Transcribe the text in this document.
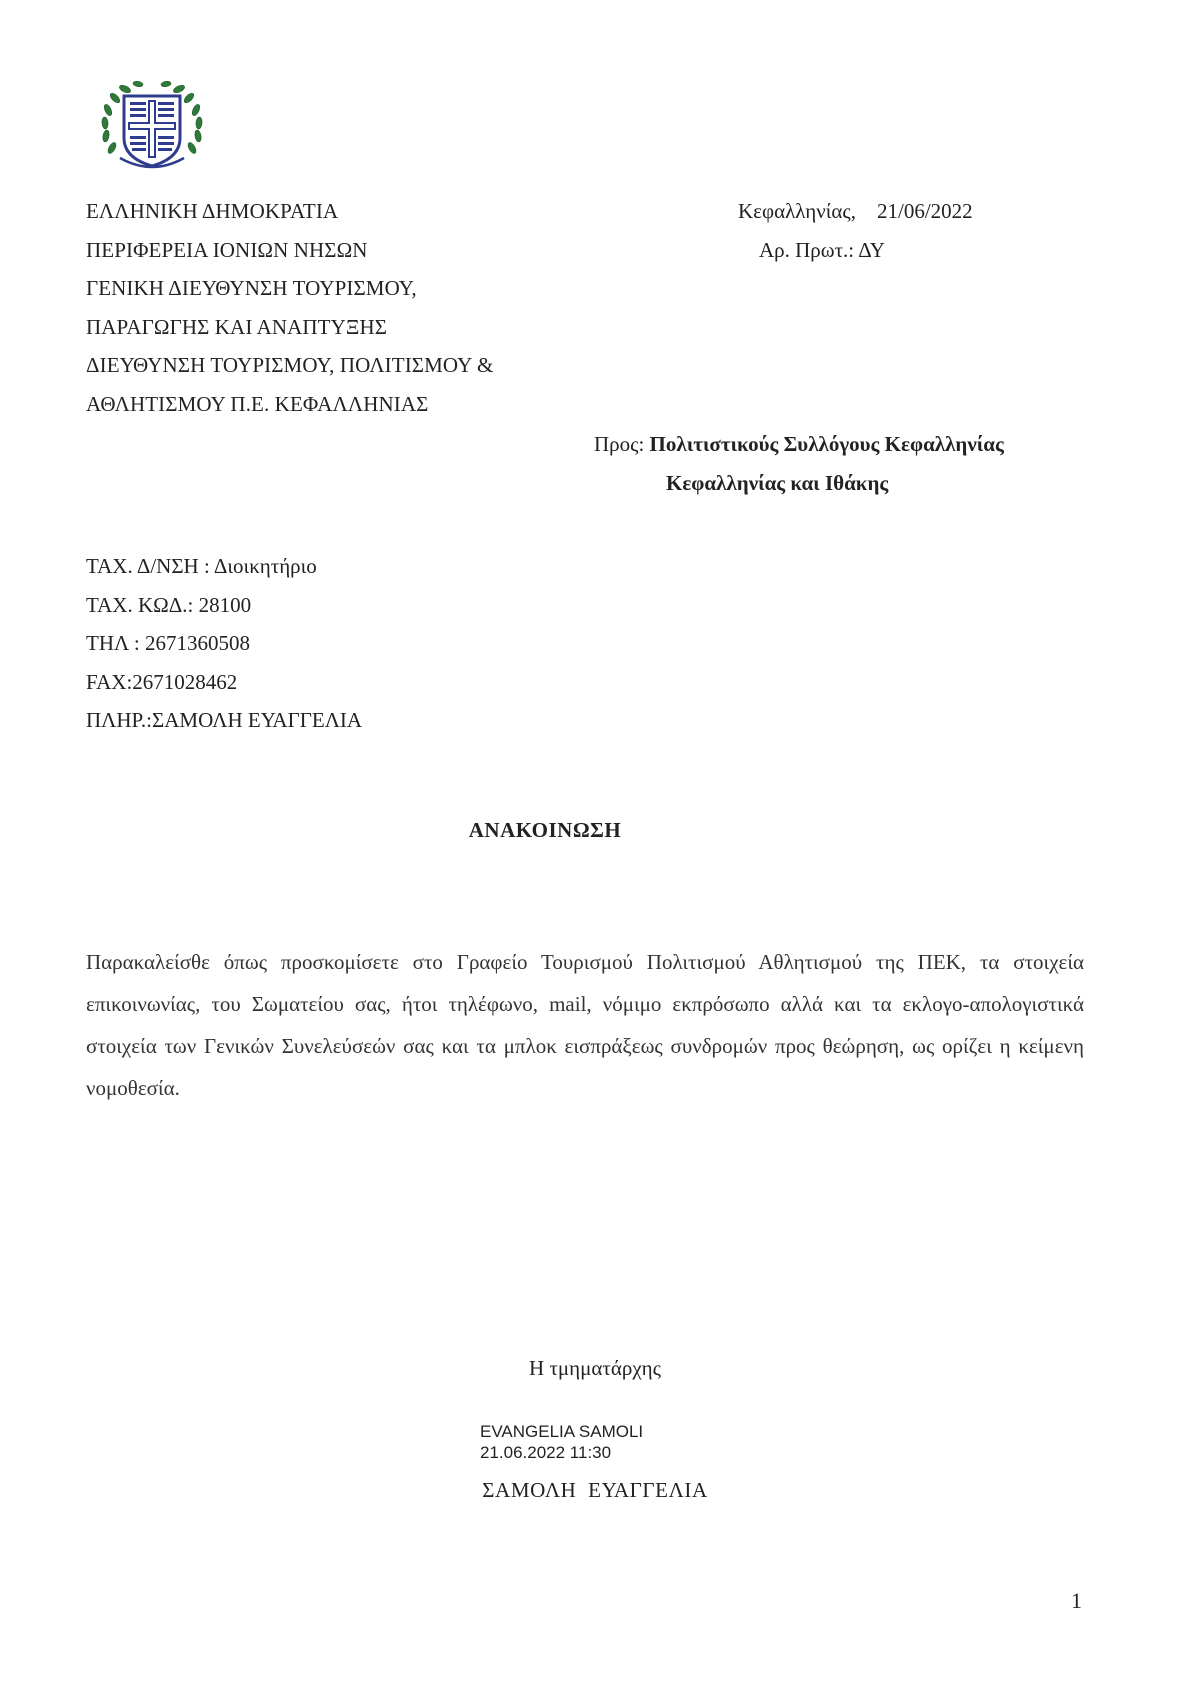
ΕΛΛΗΝΙΚΗ ΔΗΜΟΚΡΑΤΙΑ
ΠΕΡΙΦΕΡΕΙΑ ΙΟΝΙΩΝ ΝΗΣΩΝ
ΓΕΝΙΚΗ ΔΙΕΥΘΥΝΣΗ ΤΟΥΡΙΣΜΟΥ,
ΠΑΡΑΓΩΓΗΣ ΚΑΙ ΑΝΑΠΤΥΞΗΣ
ΔΙΕΥΘΥΝΣΗ ΤΟΥΡΙΣΜΟΥ, ΠΟΛΙΤΙΣΜΟΥ &
ΑΘΛΗΤΙΣΜΟΥ Π.Ε. ΚΕΦΑΛΛΗΝΙΑΣ
Κεφαλληνίας,    21/06/2022
Αρ. Πρωτ.: ΔΥ
Προς: Πολιτιστικούς Συλλόγους Κεφαλληνίας
Κεφαλληνίας και Ιθάκης
ΤΑΧ. Δ/ΝΣΗ : Διοικητήριο
ΤΑΧ. ΚΩΔ.: 28100
ΤΗΛ : 2671360508
FAX:2671028462
ΠΛΗΡ.:ΣΑΜΟΛΗ ΕΥΑΓΓΕΛΙΑ
ΑΝΑΚΟΙΝΩΣΗ
Παρακαλείσθε όπως προσκομίσετε στο Γραφείο Τουρισμού Πολιτισμού Αθλητισμού της ΠΕΚ, τα στοιχεία επικοινωνίας, του Σωματείου σας, ήτοι τηλέφωνο, mail, νόμιμο εκπρόσωπο αλλά και τα εκλογο-απολογιστικά στοιχεία των Γενικών Συνελεύσεών σας και τα μπλοκ εισπράξεως συνδρομών προς θεώρηση, ως ορίζει η κείμενη νομοθεσία.
Η τμηματάρχης
EVANGELIA SAMOLI
21.06.2022 11:30
ΣΑΜΟΛΗ  ΕΥΑΓΓΕΛΙΑ
1
